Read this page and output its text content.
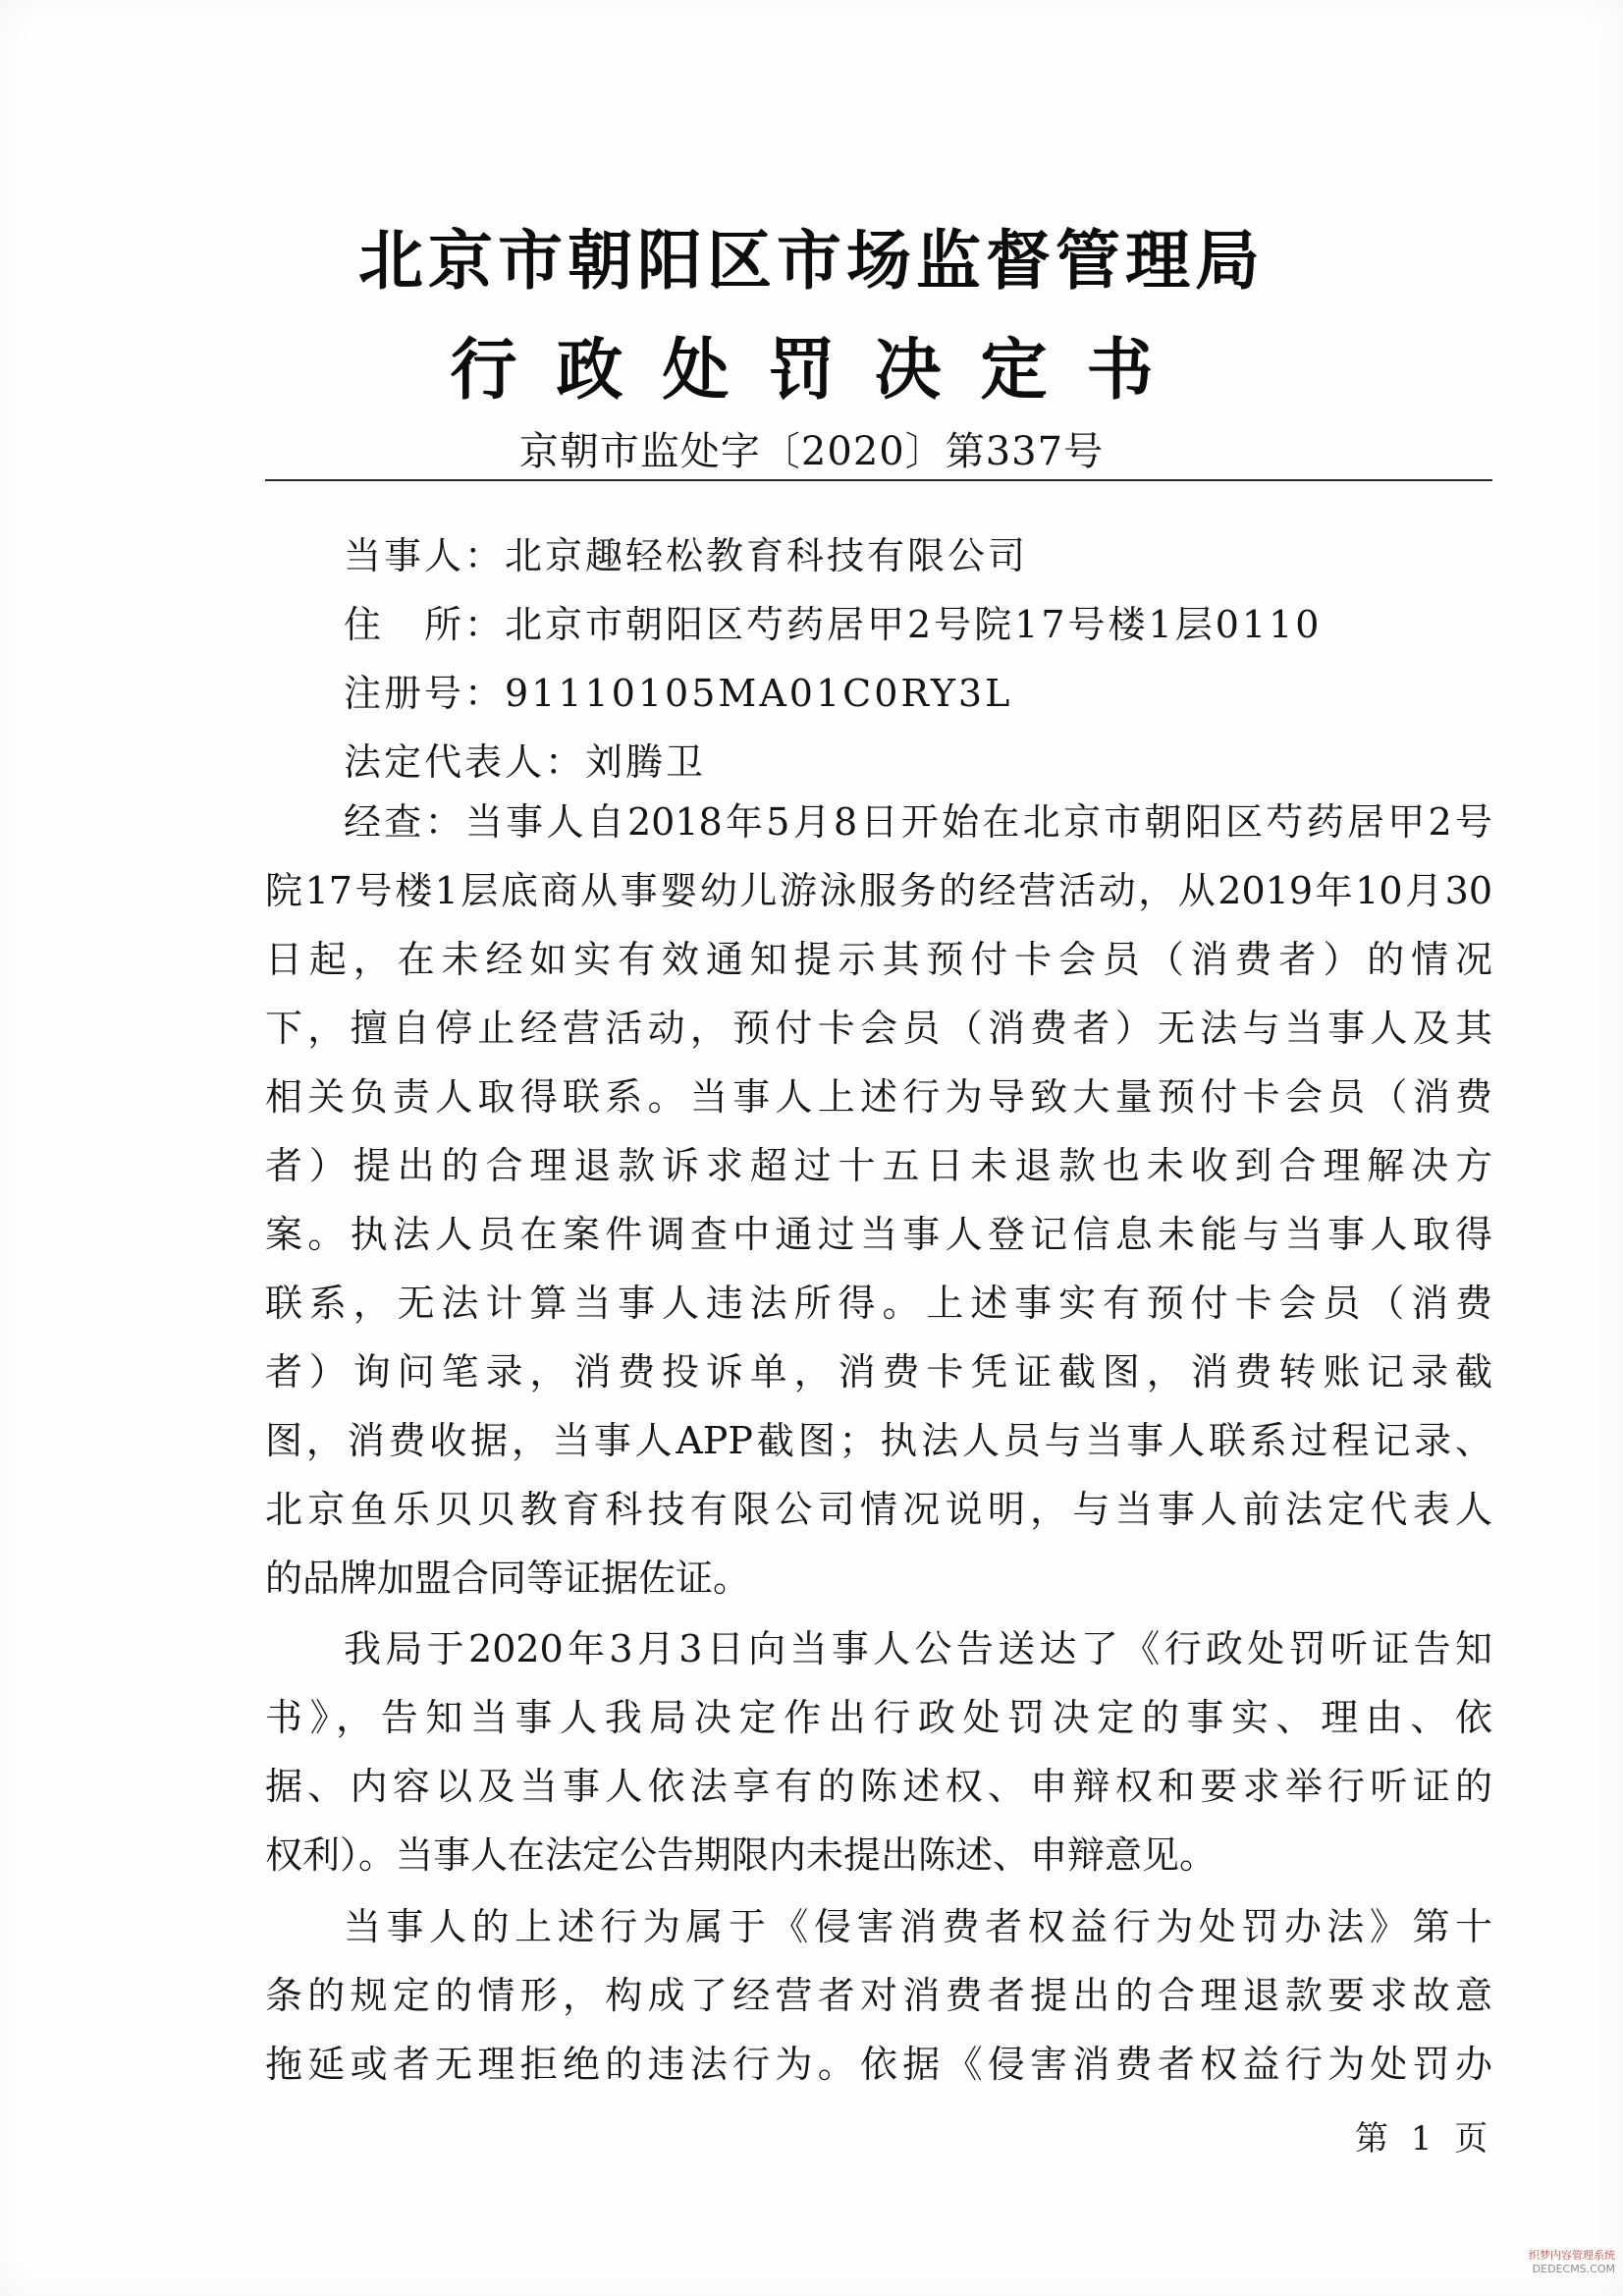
北京市朝阳区市场监督管理局
行政处罚决定书
京朝市监处字〔2020〕第337号
当事人：北京趣轻松教育科技有限公司
住　所：北京市朝阳区芍药居甲2号院17号楼1层0110
注册号：91110105MA01C0RY3L
法定代表人：刘腾卫
经查：当事人自2018年5月8日开始在北京市朝阳区芍药居甲2号
院17号楼1层底商从事婴幼儿游泳服务的经营活动，从2019年10月30
日起，在未经如实有效通知提示其预付卡会员（消费者）的情况
下，擅自停止经营活动，预付卡会员（消费者）无法与当事人及其
相关负责人取得联系。当事人上述行为导致大量预付卡会员（消费
者）提出的合理退款诉求超过十五日未退款也未收到合理解决方
案。执法人员在案件调查中通过当事人登记信息未能与当事人取得
联系，无法计算当事人违法所得。上述事实有预付卡会员（消费
者）询问笔录，消费投诉单，消费卡凭证截图，消费转账记录截
图，消费收据，当事人APP截图；执法人员与当事人联系过程记录、
北京鱼乐贝贝教育科技有限公司情况说明，与当事人前法定代表人
的品牌加盟合同等证据佐证。
我局于2020年3月3日向当事人公告送达了《行政处罚听证告知
书》，告知当事人我局决定作出行政处罚决定的事实、理由、依
据、内容以及当事人依法享有的陈述权、申辩权和要求举行听证的
权利）。当事人在法定公告期限内未提出陈述、申辩意见。
当事人的上述行为属于《侵害消费者权益行为处罚办法》第十
条的规定的情形，构成了经营者对消费者提出的合理退款要求故意
拖延或者无理拒绝的违法行为。依据《侵害消费者权益行为处罚办
第 1 页
织梦内容管理系统
DEDECMS.COM
